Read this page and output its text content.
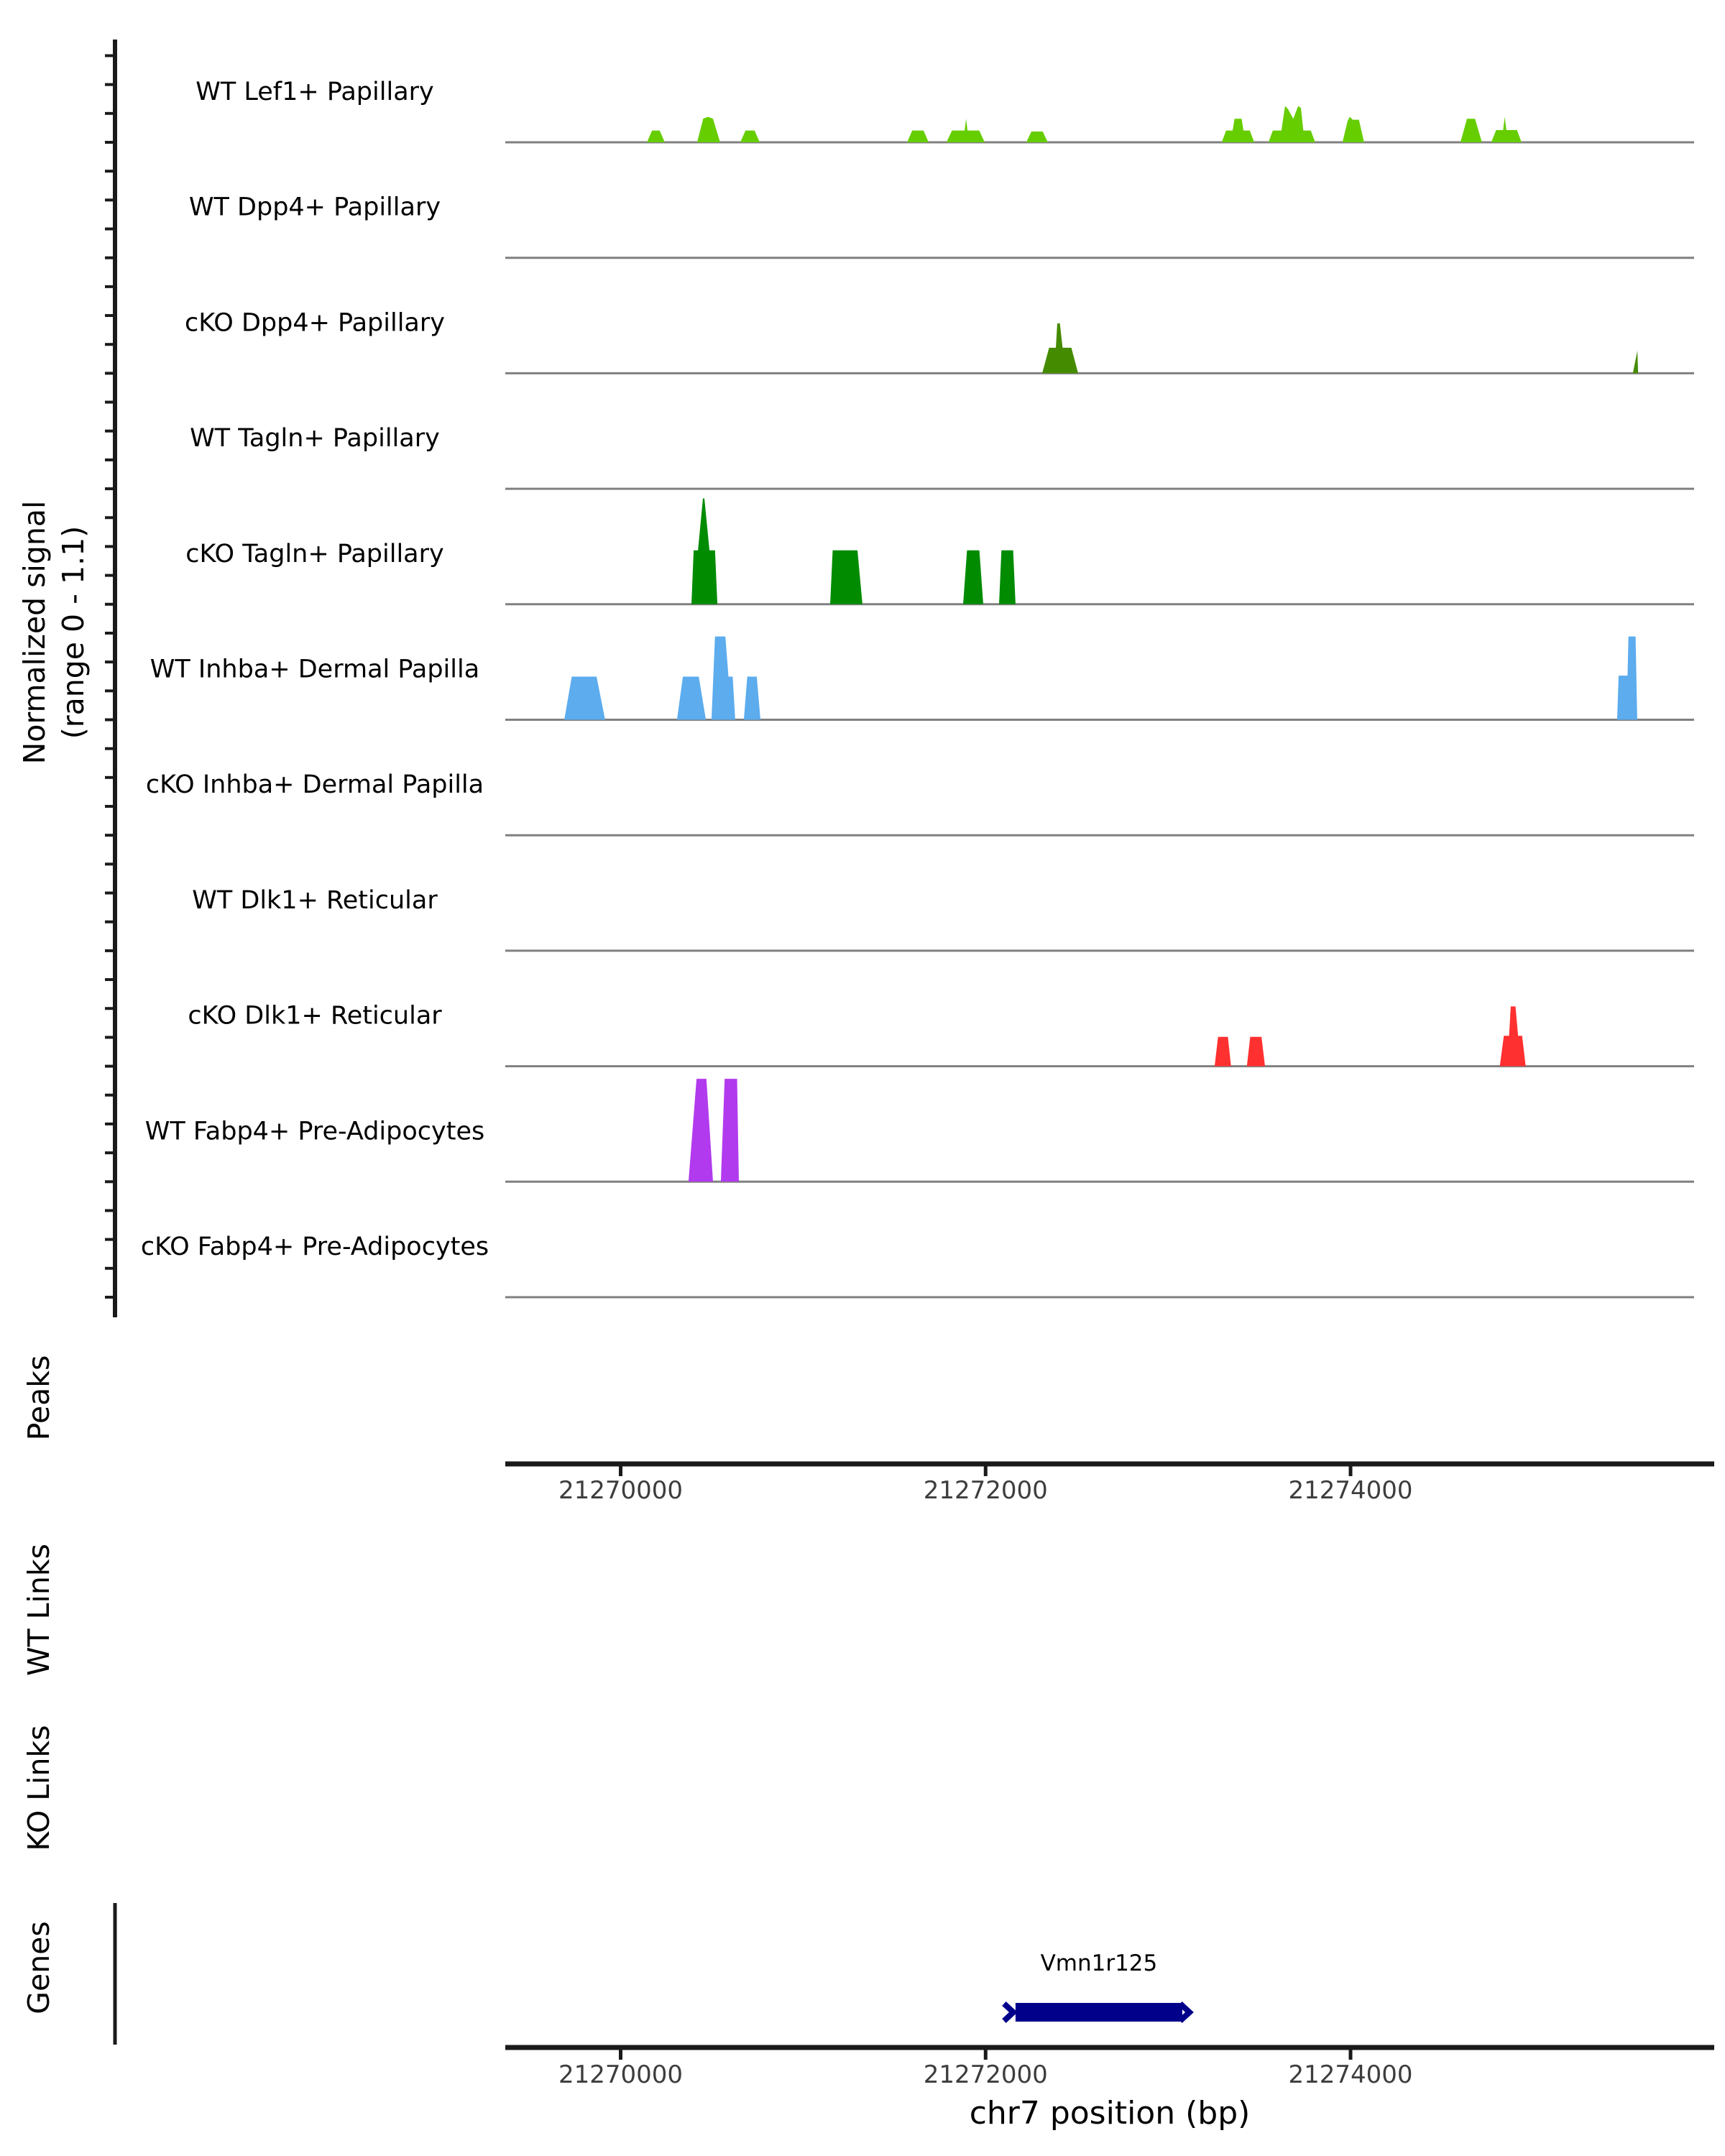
21270000	21272000	21274000
21270000	21272000	21274000
Vmn1r125
WT Lef1+ Papillary
WT Dpp4+ Papillary
cKO Dpp4+ Papillary
WT Tagln+ Papillary
cKO Tagln+ Papillary
WT Inhba+ Dermal Papilla
cKO Inhba+ Dermal Papilla
WT Dlk1+ Reticular
cKO Dlk1+ Reticular
WT Fabp4+ Pre-Adipocytes
cKO Fabp4+ Pre-Adipocytes
Normalized signal (range 0 - 1.1)
Peaks
WT Links
KO Links
Genes
chr7 position (bp)
